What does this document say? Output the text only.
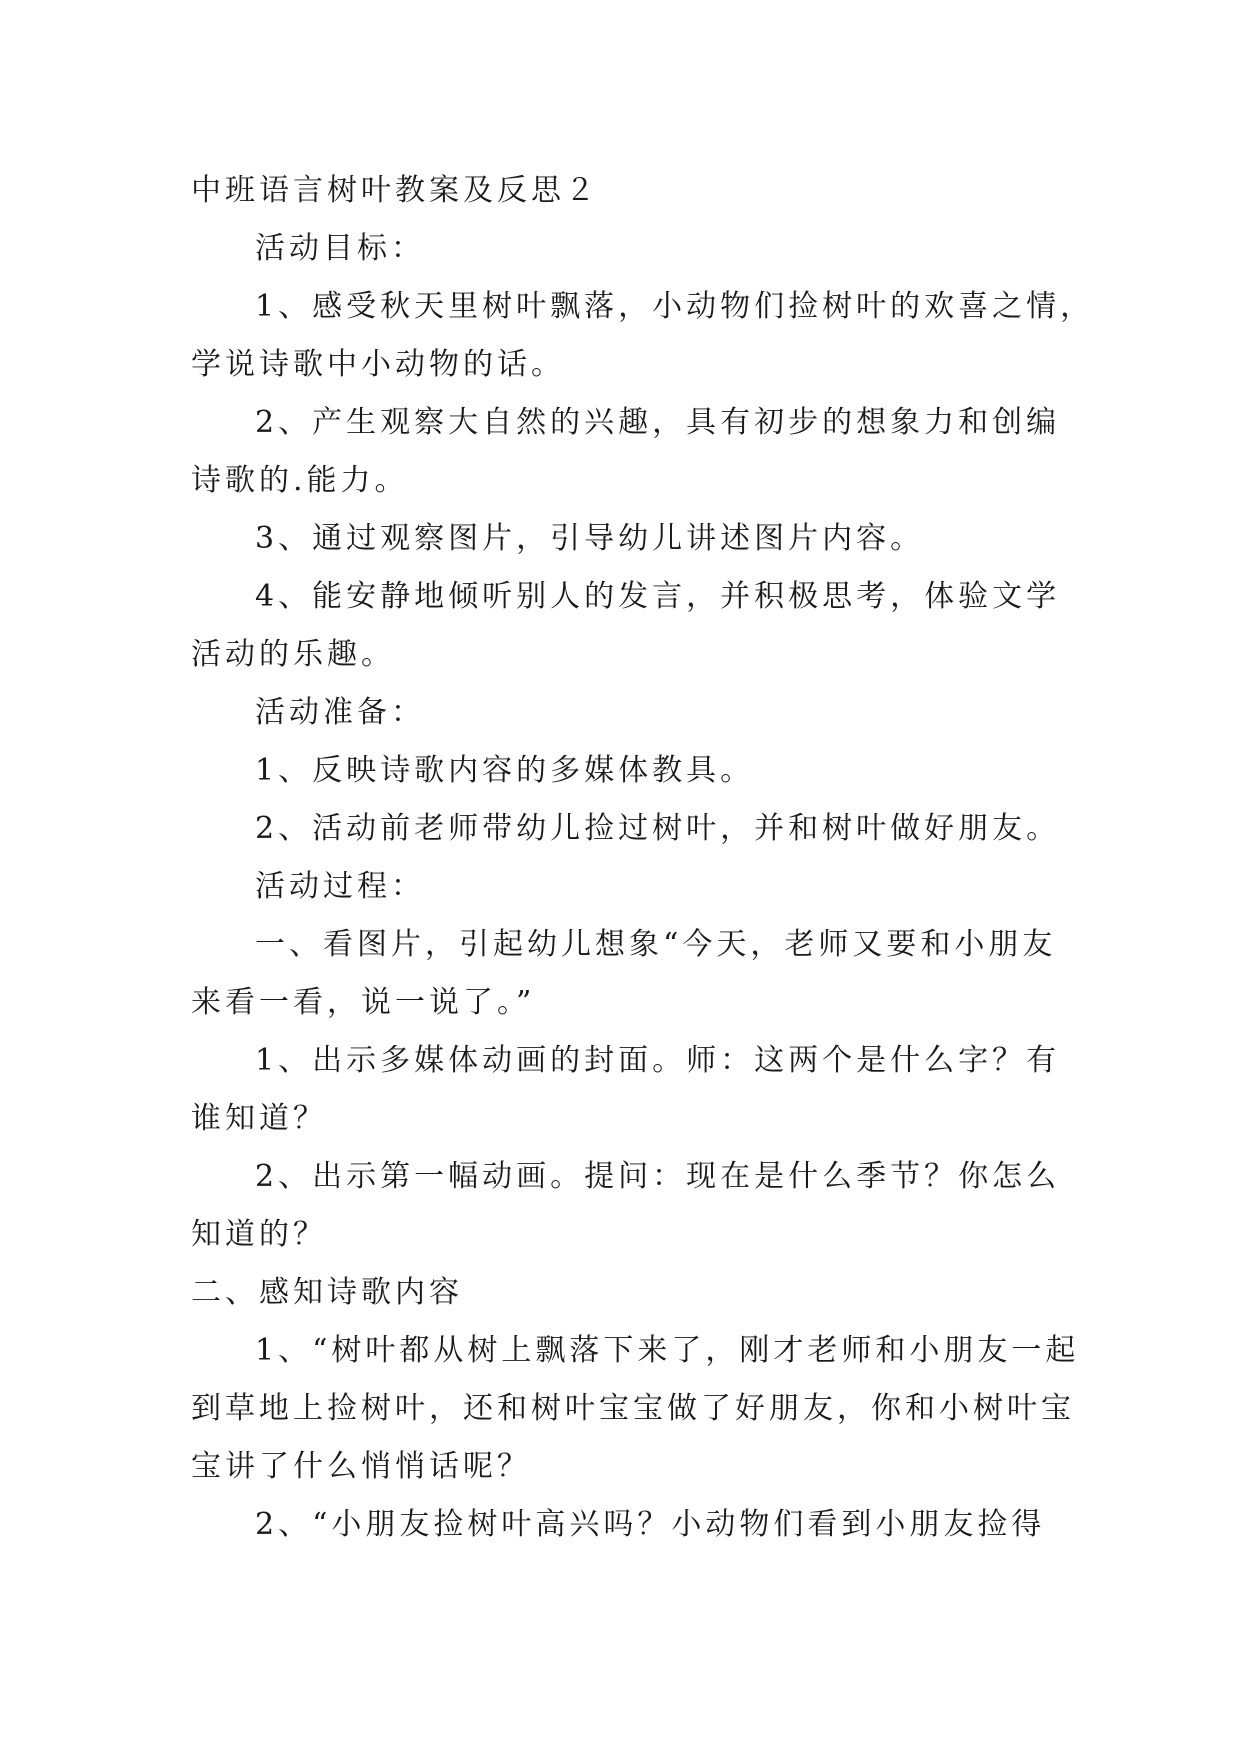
中班语言树叶教案及反思２

活动目标：

1、感受秋天里树叶飘落，小动物们捡树叶的欢喜之情，

学说诗歌中小动物的话。

2、产生观察大自然的兴趣，具有初步的想象力和创编

诗歌的.能力。

3、通过观察图片，引导幼儿讲述图片内容。

4、能安静地倾听别人的发言，并积极思考，体验文学

活动的乐趣。

活动准备：

1、反映诗歌内容的多媒体教具。

2、活动前老师带幼儿捡过树叶，并和树叶做好朋友。

活动过程：

一、看图片，引起幼儿想象“今天，老师又要和小朋友

来看一看，说一说了。”

1、出示多媒体动画的封面。师：这两个是什么字？有

谁知道？

2、出示第一幅动画。提问：现在是什么季节？你怎么

知道的？

二、感知诗歌内容

1、“树叶都从树上飘落下来了，刚才老师和小朋友一起

到草地上捡树叶，还和树叶宝宝做了好朋友，你和小树叶宝

宝讲了什么悄悄话呢？

2、“小朋友捡树叶高兴吗？小动物们看到小朋友捡得
